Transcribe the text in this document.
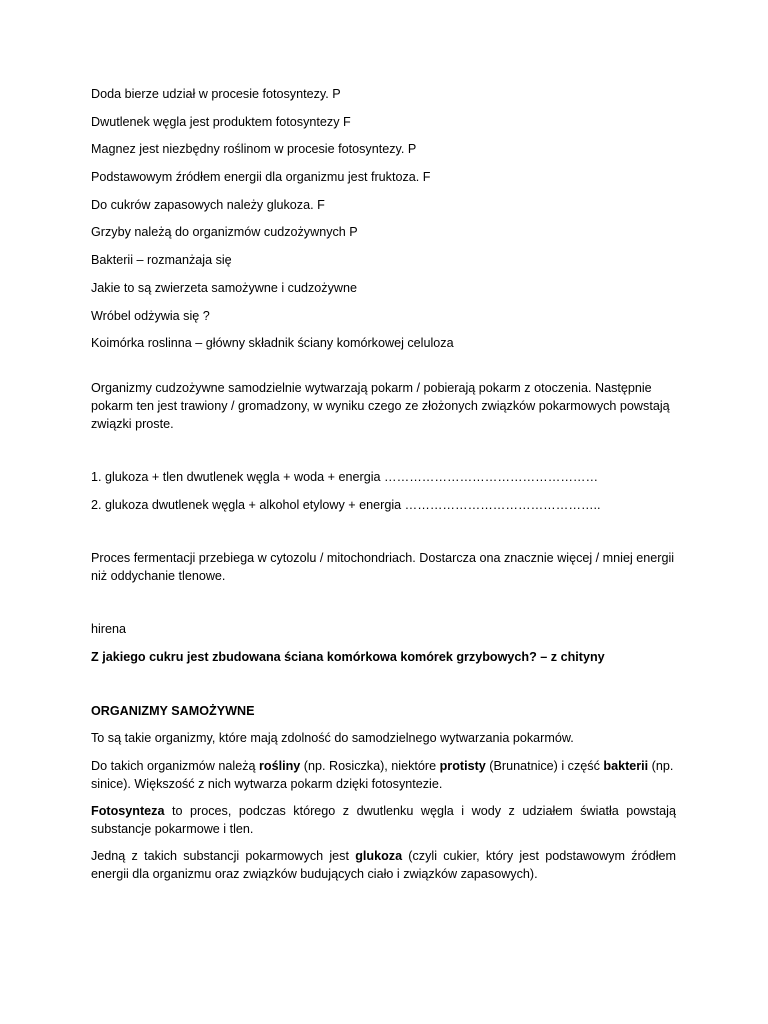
Doda bierze udział w procesie fotosyntezy. P

Dwutlenek węgla jest produktem fotosyntezy F

Magnez jest niezbędny roślinom w procesie fotosyntezy. P

Podstawowym źródłem energii dla organizmu jest fruktoza. F

Do cukrów zapasowych należy glukoza. F

Grzyby należą do organizmów cudzożywnych P

Bakterii – rozmanżaja się

Jakie to są zwierzeta samożywne i cudzożywne

Wróbel odżywia się ?

Koimórka roslinna – główny składnik ściany komórkowej celuloza

Organizmy cudzożywne samodzielnie wytwarzają pokarm / pobierają pokarm z otoczenia. Następnie pokarm ten jest trawiony / gromadzony, w wyniku czego ze złożonych związków pokarmowych powstają związki proste.

1. glukoza + tlen dwutlenek węgla + woda + energia ……………………………………………

2. glukoza dwutlenek węgla + alkohol etylowy + energia ………………………………………..

Proces fermentacji przebiega w cytozolu / mitochondriach. Dostarcza ona znacznie więcej / mniej energii niż oddychanie tlenowe.

hirena

Z jakiego cukru jest zbudowana ściana komórkowa komórek grzybowych? – z chityny

ORGANIZMY SAMOŻYWNE

To są takie organizmy, które mają zdolność do samodzielnego wytwarzania pokarmów.

Do takich organizmów należą rośliny (np. Rosiczka), niektóre protisty (Brunatnice) i część bakterii (np. sinice). Większość z nich wytwarza pokarm dzięki fotosyntezie.

Fotosynteza to proces, podczas którego z dwutlenku węgla i wody z udziałem światła powstają substancje pokarmowe i tlen.

Jedną z takich substancji pokarmowych jest glukoza (czyli cukier, który jest podstawowym źródłem energii dla organizmu oraz związków budujących ciało i związków zapasowych).
